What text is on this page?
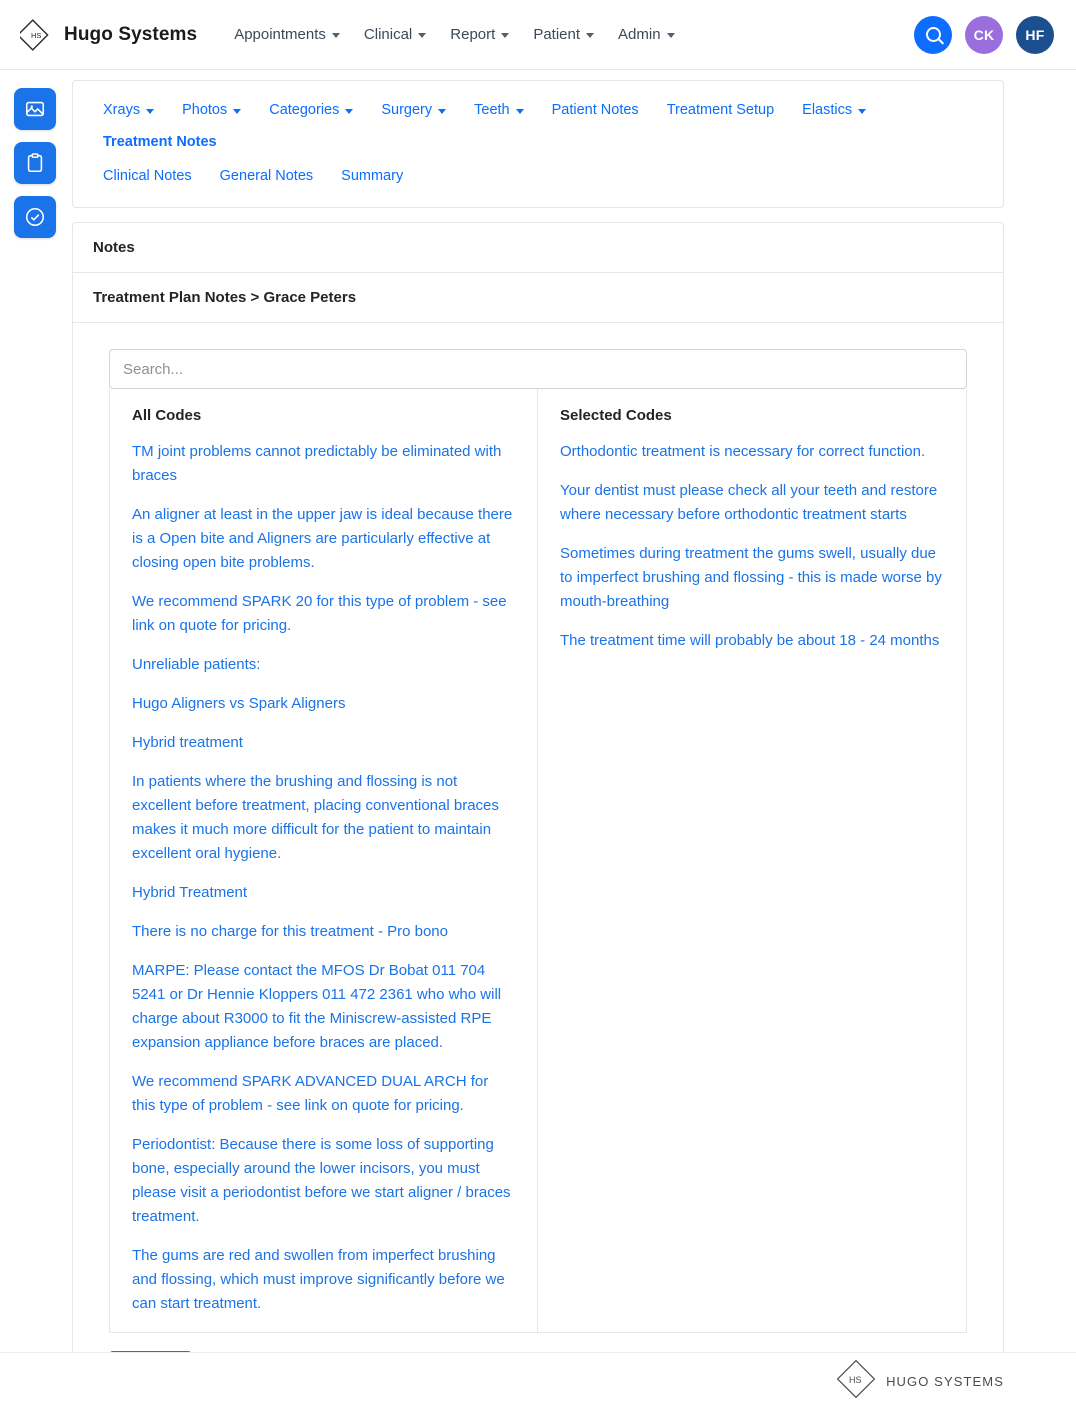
HS Hugo Systems Appointments	Clinical	Report	Patient	Admin	CK HF
Xrays	Photos	Categories	Surgery	Teeth	Patient Notes Treatment Setup Elastics
Treatment Notes
Clinical Notes General Notes Summary
Notes
Treatment Plan Notes > Grace Peters
Search...
All Codes
TM joint problems cannot predictably be eliminated with braces
An aligner at least in the upper jaw is ideal because there is a Open bite and Aligners are particularly effective at closing open bite problems.
We recommend SPARK 20 for this type of problem - see link on quote for pricing.
Unreliable patients:
Hugo Aligners vs Spark Aligners
Hybrid treatment
In patients where the brushing and flossing is not excellent before treatment, placing conventional braces makes it much more difficult for the patient to maintain excellent oral hygiene.
Hybrid Treatment
There is no charge for this treatment - Pro bono
MARPE: Please contact the MFOS Dr Bobat 011 704 5241 or Dr Hennie Kloppers 011 472 2361 who who will charge about R3000 to fit the Miniscrew-assisted RPE expansion appliance before braces are placed.
We recommend SPARK ADVANCED DUAL ARCH for this type of problem - see link on quote for pricing.
Periodontist: Because there is some loss of supporting bone, especially around the lower incisors, you must please visit a periodontist before we start aligner / braces treatment.
The gums are red and swollen from imperfect brushing and flossing, which must improve significantly before we can start treatment.
Selected Codes
Orthodontic treatment is necessary for correct function.
Your dentist must please check all your teeth and restore where necessary before orthodontic treatment starts
Sometimes during treatment the gums swell, usually due to imperfect brushing and flossing - this is made worse by mouth-breathing
The treatment time will probably be about 18 - 24 months
HS HUGO SYSTEMS
